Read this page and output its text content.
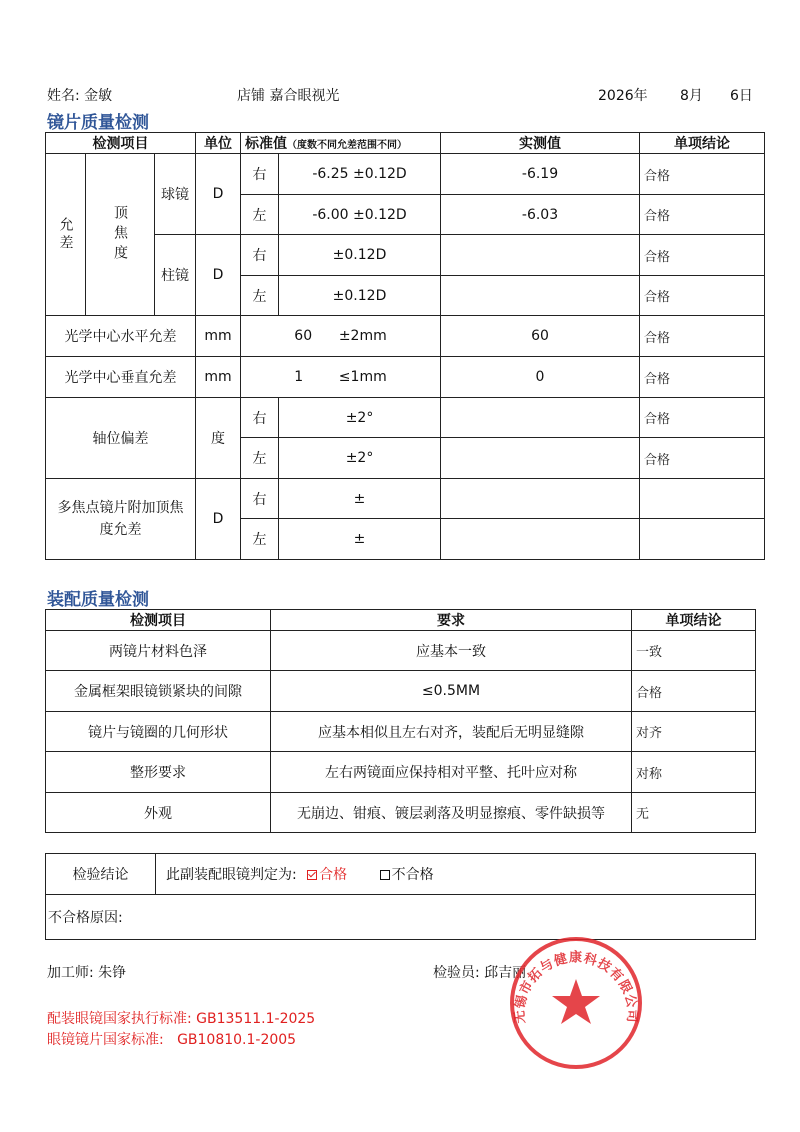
姓名: 金敏	店铺 嘉合眼视光	2026年 8月 6日
镜片质量检测
检测项目			单位	标准值（度数不同允差范围不同）		实测值	单项结论

允差	顶焦度	球镜	D	右	-6.25 ±0.12D	-6.19	合格
				左	-6.00 ±0.12D	-6.03	合格
		柱镜	D	右	±0.12D		合格
				左	±0.12D		合格
光学中心水平允差			mm	60      ±2mm		60	合格
光学中心垂直允差			mm	1        ≤1mm		0	合格
轴位偏差			度	右	±2°		合格
				左	±2°		合格
多焦点镜片附加顶焦度允差			D	右	±		
				左	±		
装配质量检测
检测项目	要求	单项结论
两镜片材料色泽	应基本一致	一致
金属框架眼镜锁紧块的间隙	≤0.5MM	合格
镜片与镜圈的几何形状	应基本相似且左右对齐，装配后无明显缝隙	对齐
整形要求	左右两镜面应保持相对平整、托叶应对称	对称
外观	无崩边、钳痕、镀层剥落及明显擦痕、零件缺损等	无
检验结论	此副装配眼镜判定为: 合格	不合格
不合格原因:
加工师: 朱铮	检验员: 邱吉丽
配装眼镜国家执行标准: GB13511.1-2025
眼镜镜片国家标准:   GB10810.1-2005
无锡市拓与健康科技有限公司
